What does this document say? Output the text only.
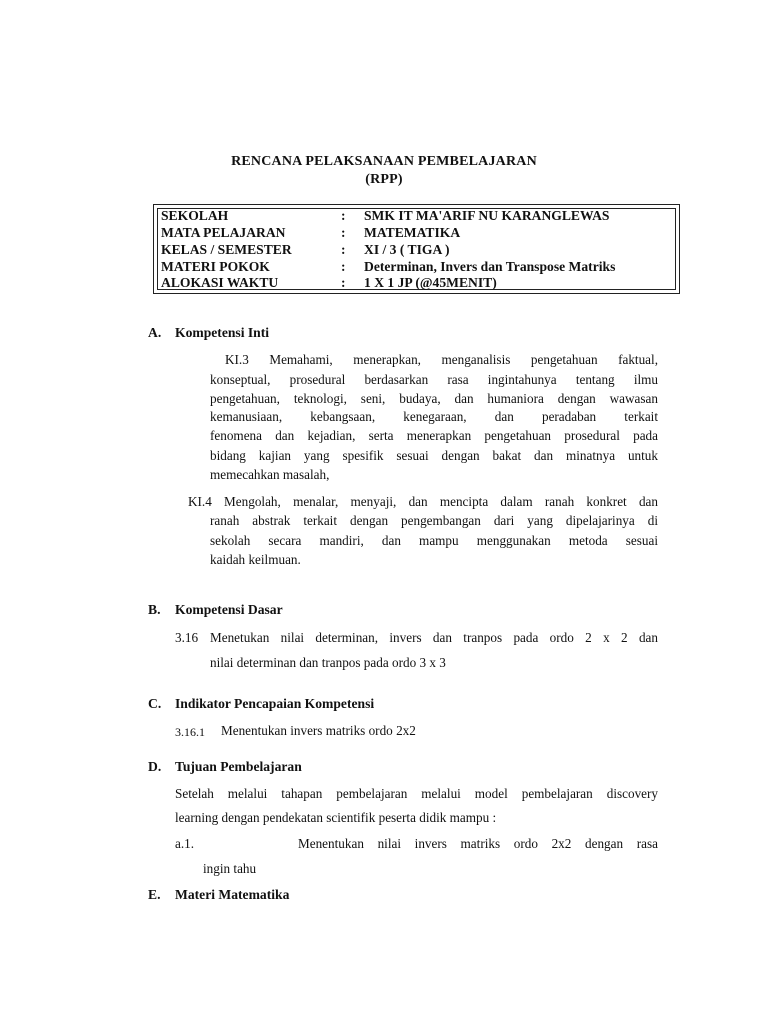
RENCANA PELAKSANAAN PEMBELAJARAN
(RPP)
SEKOLAH	: SMK IT MA'ARIF NU KARANGLEWAS
MATA PELAJARAN	: MATEMATIKA
KELAS / SEMESTER	: XI / 3 ( TIGA )
MATERI POKOK	: Determinan, Invers dan Transpose Matriks
ALOKASI WAKTU	: 1 X 1 JP (@45MENIT)
A. Kompetensi Inti
KI.3 Memahami, menerapkan, menganalisis pengetahuan faktual,
konseptual, prosedural berdasarkan rasa ingintahunya tentang ilmu
pengetahuan, teknologi, seni, budaya, dan humaniora dengan wawasan
kemanusiaan, kebangsaan, kenegaraan, dan peradaban terkait
fenomena dan kejadian, serta menerapkan pengetahuan prosedural pada
bidang kajian yang spesifik sesuai dengan bakat dan minatnya untuk
memecahkan masalah,
KI.4 Mengolah, menalar, menyaji, dan mencipta dalam ranah konkret dan
ranah abstrak terkait dengan pengembangan dari yang dipelajarinya di
sekolah secara mandiri, dan mampu menggunakan metoda sesuai
kaidah keilmuan.
B. Kompetensi Dasar
3.16 Menetukan nilai determinan, invers dan tranpos pada ordo 2 x 2 dan
nilai determinan dan tranpos pada ordo 3 x 3
C. Indikator Pencapaian Kompetensi
3.16.1 Menentukan invers matriks ordo 2x2
D. Tujuan Pembelajaran
Setelah melalui tahapan pembelajaran melalui model pembelajaran discovery
learning dengan pendekatan scientifik peserta didik mampu :
a.1.	Menentukan nilai invers matriks ordo 2x2 dengan rasa
ingin tahu
E. Materi Matematika
